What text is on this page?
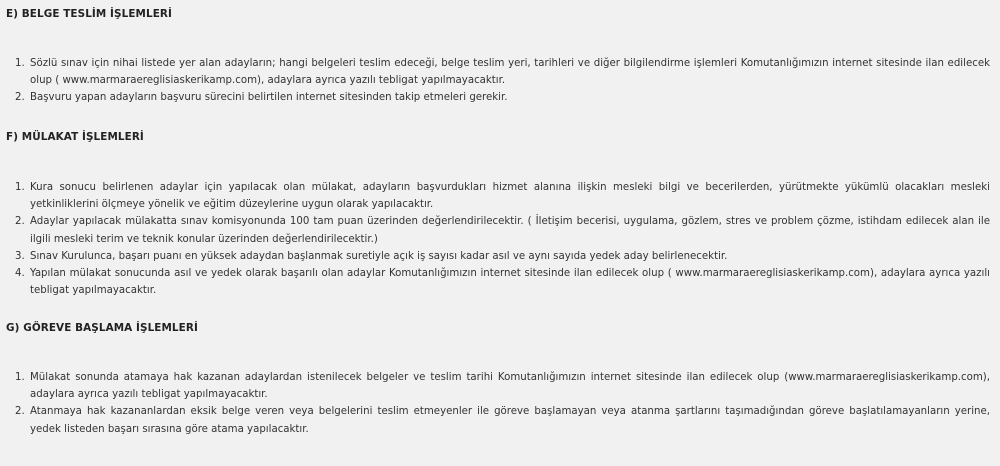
E) BELGE TESLİM İŞLEMLERİ
1. Sözlü sınav için nihai listede yer alan adayların; hangi belgeleri teslim edeceği, belge teslim yeri, tarihleri ve diğer bilgilendirme işlemleri Komutanlığımızın internet sitesinde ilan edilecek olup ( www.marmaraereglisiaskerikamp.com), adaylara ayrıca yazılı tebligat yapılmayacaktır.
2. Başvuru yapan adayların başvuru sürecini belirtilen internet sitesinden takip etmeleri gerekir.
F) MÜLAKAT İŞLEMLERİ
1. Kura sonucu belirlenen adaylar için yapılacak olan mülakat, adayların başvurdukları hizmet alanına ilişkin mesleki bilgi ve becerilerden, yürütmekte yükümlü olacakları mesleki yetkinliklerini ölçmeye yönelik ve eğitim düzeylerine uygun olarak yapılacaktır.
2. Adaylar yapılacak mülakatta sınav komisyonunda 100 tam puan üzerinden değerlendirilecektir. ( İletişim becerisi, uygulama, gözlem, stres ve problem çözme, istihdam edilecek alan ile ilgili mesleki terim ve teknik konular üzerinden değerlendirilecektir.)
3. Sınav Kurulunca, başarı puanı en yüksek adaydan başlanmak suretiyle açık iş sayısı kadar asıl ve aynı sayıda yedek aday belirlenecektir.
4. Yapılan mülakat sonucunda asıl ve yedek olarak başarılı olan adaylar Komutanlığımızın internet sitesinde ilan edilecek olup ( www.marmaraereglisiaskerikamp.com), adaylara ayrıca yazılı tebligat yapılmayacaktır.
G) GÖREVE BAŞLAMA İŞLEMLERİ
1. Mülakat sonunda atamaya hak kazanan adaylardan istenilecek belgeler ve teslim tarihi Komutanlığımızın internet sitesinde ilan edilecek olup (www.marmaraereglisiaskerikamp.com), adaylara ayrıca yazılı tebligat yapılmayacaktır.
2. Atanmaya hak kazananlardan eksik belge veren veya belgelerini teslim etmeyenler ile göreve başlamayan veya atanma şartlarını taşımadığından göreve başlatılamayanların yerine, yedek listeden başarı sırasına göre atama yapılacaktır.
